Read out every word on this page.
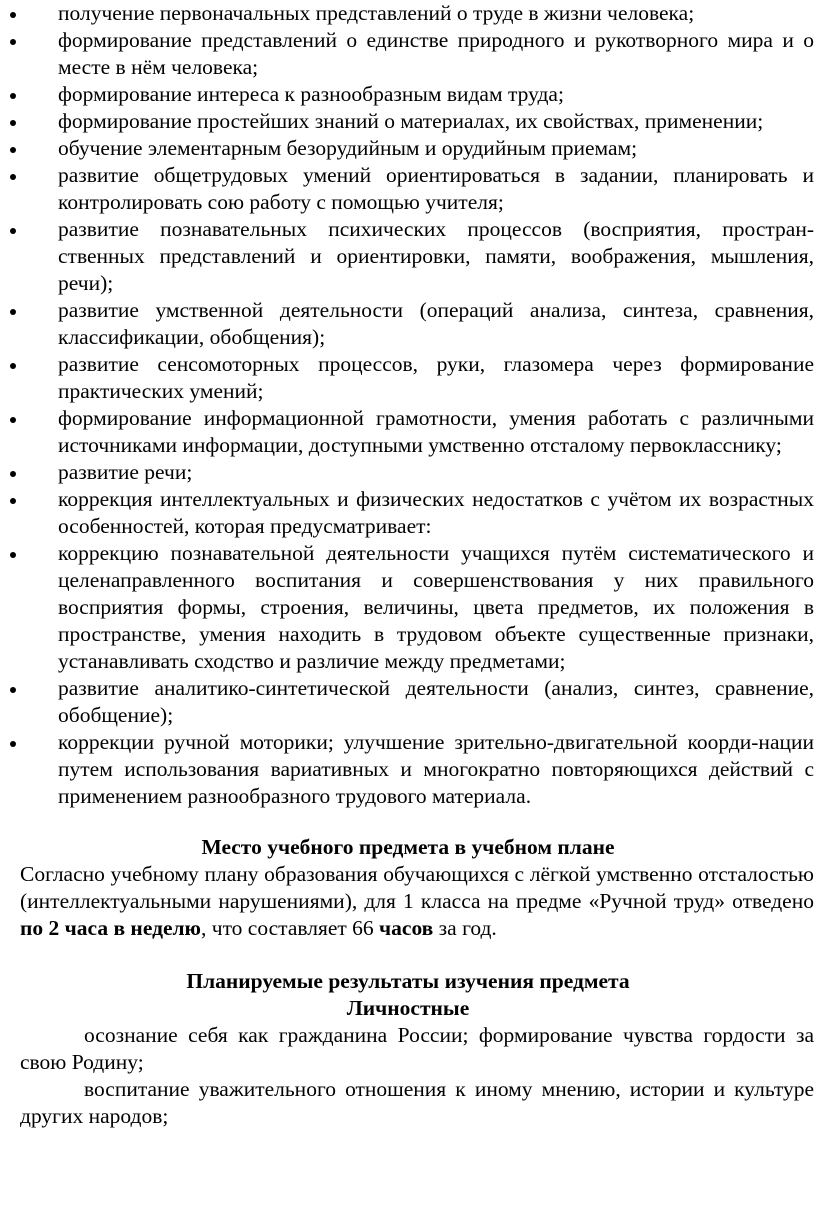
получение первоначальных представлений о труде в жизни человека;
формирование представлений о единстве природного и рукотворного мира и о месте в нём человека;
формирование интереса к разнообразным видам труда;
формирование простейших знаний о материалах, их свойствах, применении;
обучение элементарным безорудийным и орудийным приемам;
развитие общетрудовых умений ориентироваться в задании, планировать и контролировать сою работу с помощью учителя;
развитие познавательных психических процессов (восприятия, простран-ственных представлений и ориентировки, памяти, воображения, мышления, речи);
развитие умственной деятельности (операций анализа, синтеза, сравнения, классификации, обобщения);
развитие сенсомоторных процессов, руки, глазомера через формирование практических умений;
формирование информационной грамотности, умения работать с различными источниками информации, доступными умственно отсталому первокласснику;
развитие речи;
коррекция интеллектуальных и физических недостатков с учётом их возрастных особенностей, которая предусматривает:
коррекцию познавательной деятельности учащихся путём систематического и целенаправленного воспитания и совершенствования у них правильного восприятия формы, строения, величины, цвета предметов, их положения в пространстве, умения находить в трудовом объекте существенные признаки, устанавливать сходство и различие между предметами;
развитие аналитико-синтетической деятельности (анализ, синтез, сравнение, обобщение);
коррекции ручной моторики; улучшение зрительно-двигательной коорди-нации путем использования вариативных и многократно повторяющихся действий с применением разнообразного трудового материала.
Место учебного предмета в учебном плане
Согласно учебному плану образования обучающихся с лёгкой умственно отсталостью (интеллектуальными нарушениями), для 1 класса на предме «Ручной труд» отведено по 2 часа в неделю, что составляет 66 часов за год.
Планируемые результаты изучения предмета
Личностные
осознание себя как гражданина России; формирование чувства гордости за свою Родину;
воспитание уважительного отношения к иному мнению, истории и культуре других народов;
